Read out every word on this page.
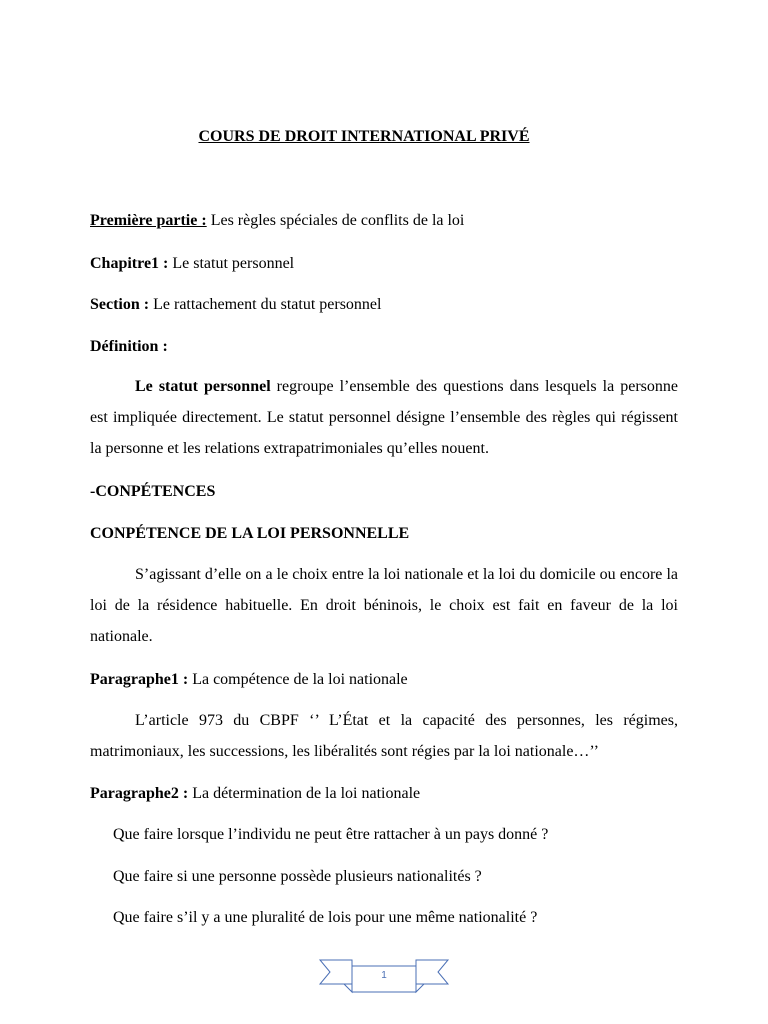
COURS DE DROIT INTERNATIONAL PRIVÉ
Première partie : Les règles spéciales de conflits de la loi
Chapitre1 : Le statut personnel
Section : Le rattachement du statut personnel
Définition :
Le statut personnel regroupe l’ensemble des questions dans lesquels la personne est impliquée directement. Le statut personnel désigne l’ensemble des règles qui régissent la personne et les relations extrapatrimoniales qu’elles nouent.
-CONPÉTENCES
CONPÉTENCE DE LA LOI PERSONNELLE
S’agissant d’elle on a le choix entre la loi nationale et la loi du domicile ou encore la loi de la résidence habituelle. En droit béninois, le choix est fait en faveur de la loi nationale.
Paragraphe1 : La compétence de la loi nationale
L’article 973 du CBPF ‘’ L’État et la capacité des personnes, les régimes, matrimoniaux, les successions, les libéralités sont régies par la loi nationale…’’
Paragraphe2 : La détermination de la loi nationale
Que faire lorsque l’individu ne peut être rattacher à un pays donné ?
Que faire si une personne possède plusieurs nationalités ?
Que faire s’il y a une pluralité de lois pour une même nationalité ?
1
